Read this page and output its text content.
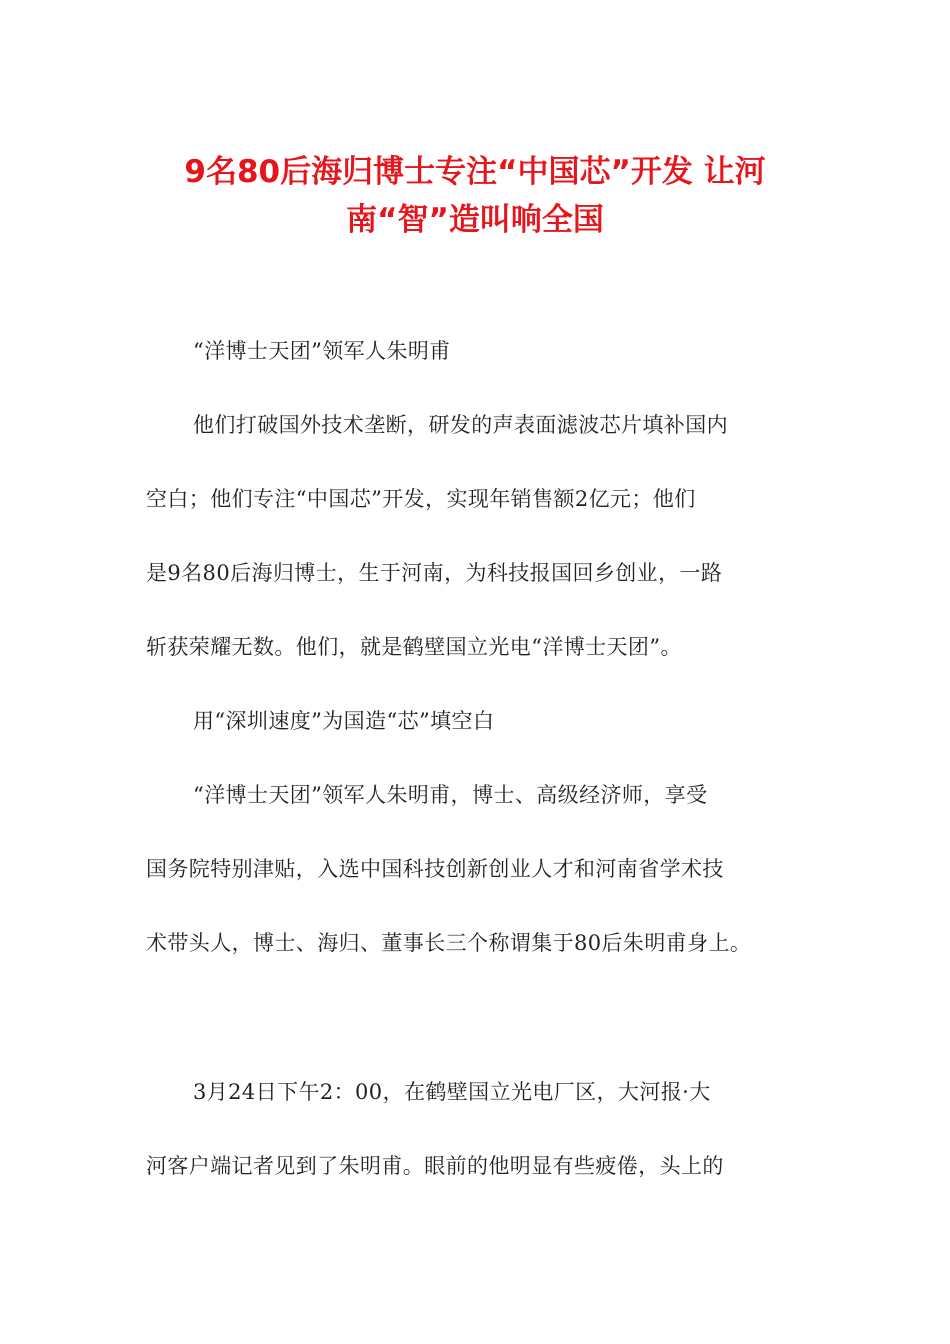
9名80后海归博士专注“中国芯”开发 让河
南“智”造叫响全国
“洋博士天团”领军人朱明甫
他们打破国外技术垄断，研发的声表面滤波芯片填补国内
空白；他们专注“中国芯”开发，实现年销售额2亿元；他们
是9名80后海归博士，生于河南，为科技报国回乡创业，一路
斩获荣耀无数。他们，就是鹤壁国立光电“洋博士天团”。
用“深圳速度”为国造“芯”填空白
“洋博士天团”领军人朱明甫，博士、高级经济师，享受
国务院特别津贴，入选中国科技创新创业人才和河南省学术技
术带头人，博士、海归、董事长三个称谓集于80后朱明甫身上。
3月24日下午2：00，在鹤壁国立光电厂区，大河报·大
河客户端记者见到了朱明甫。眼前的他明显有些疲倦，头上的
